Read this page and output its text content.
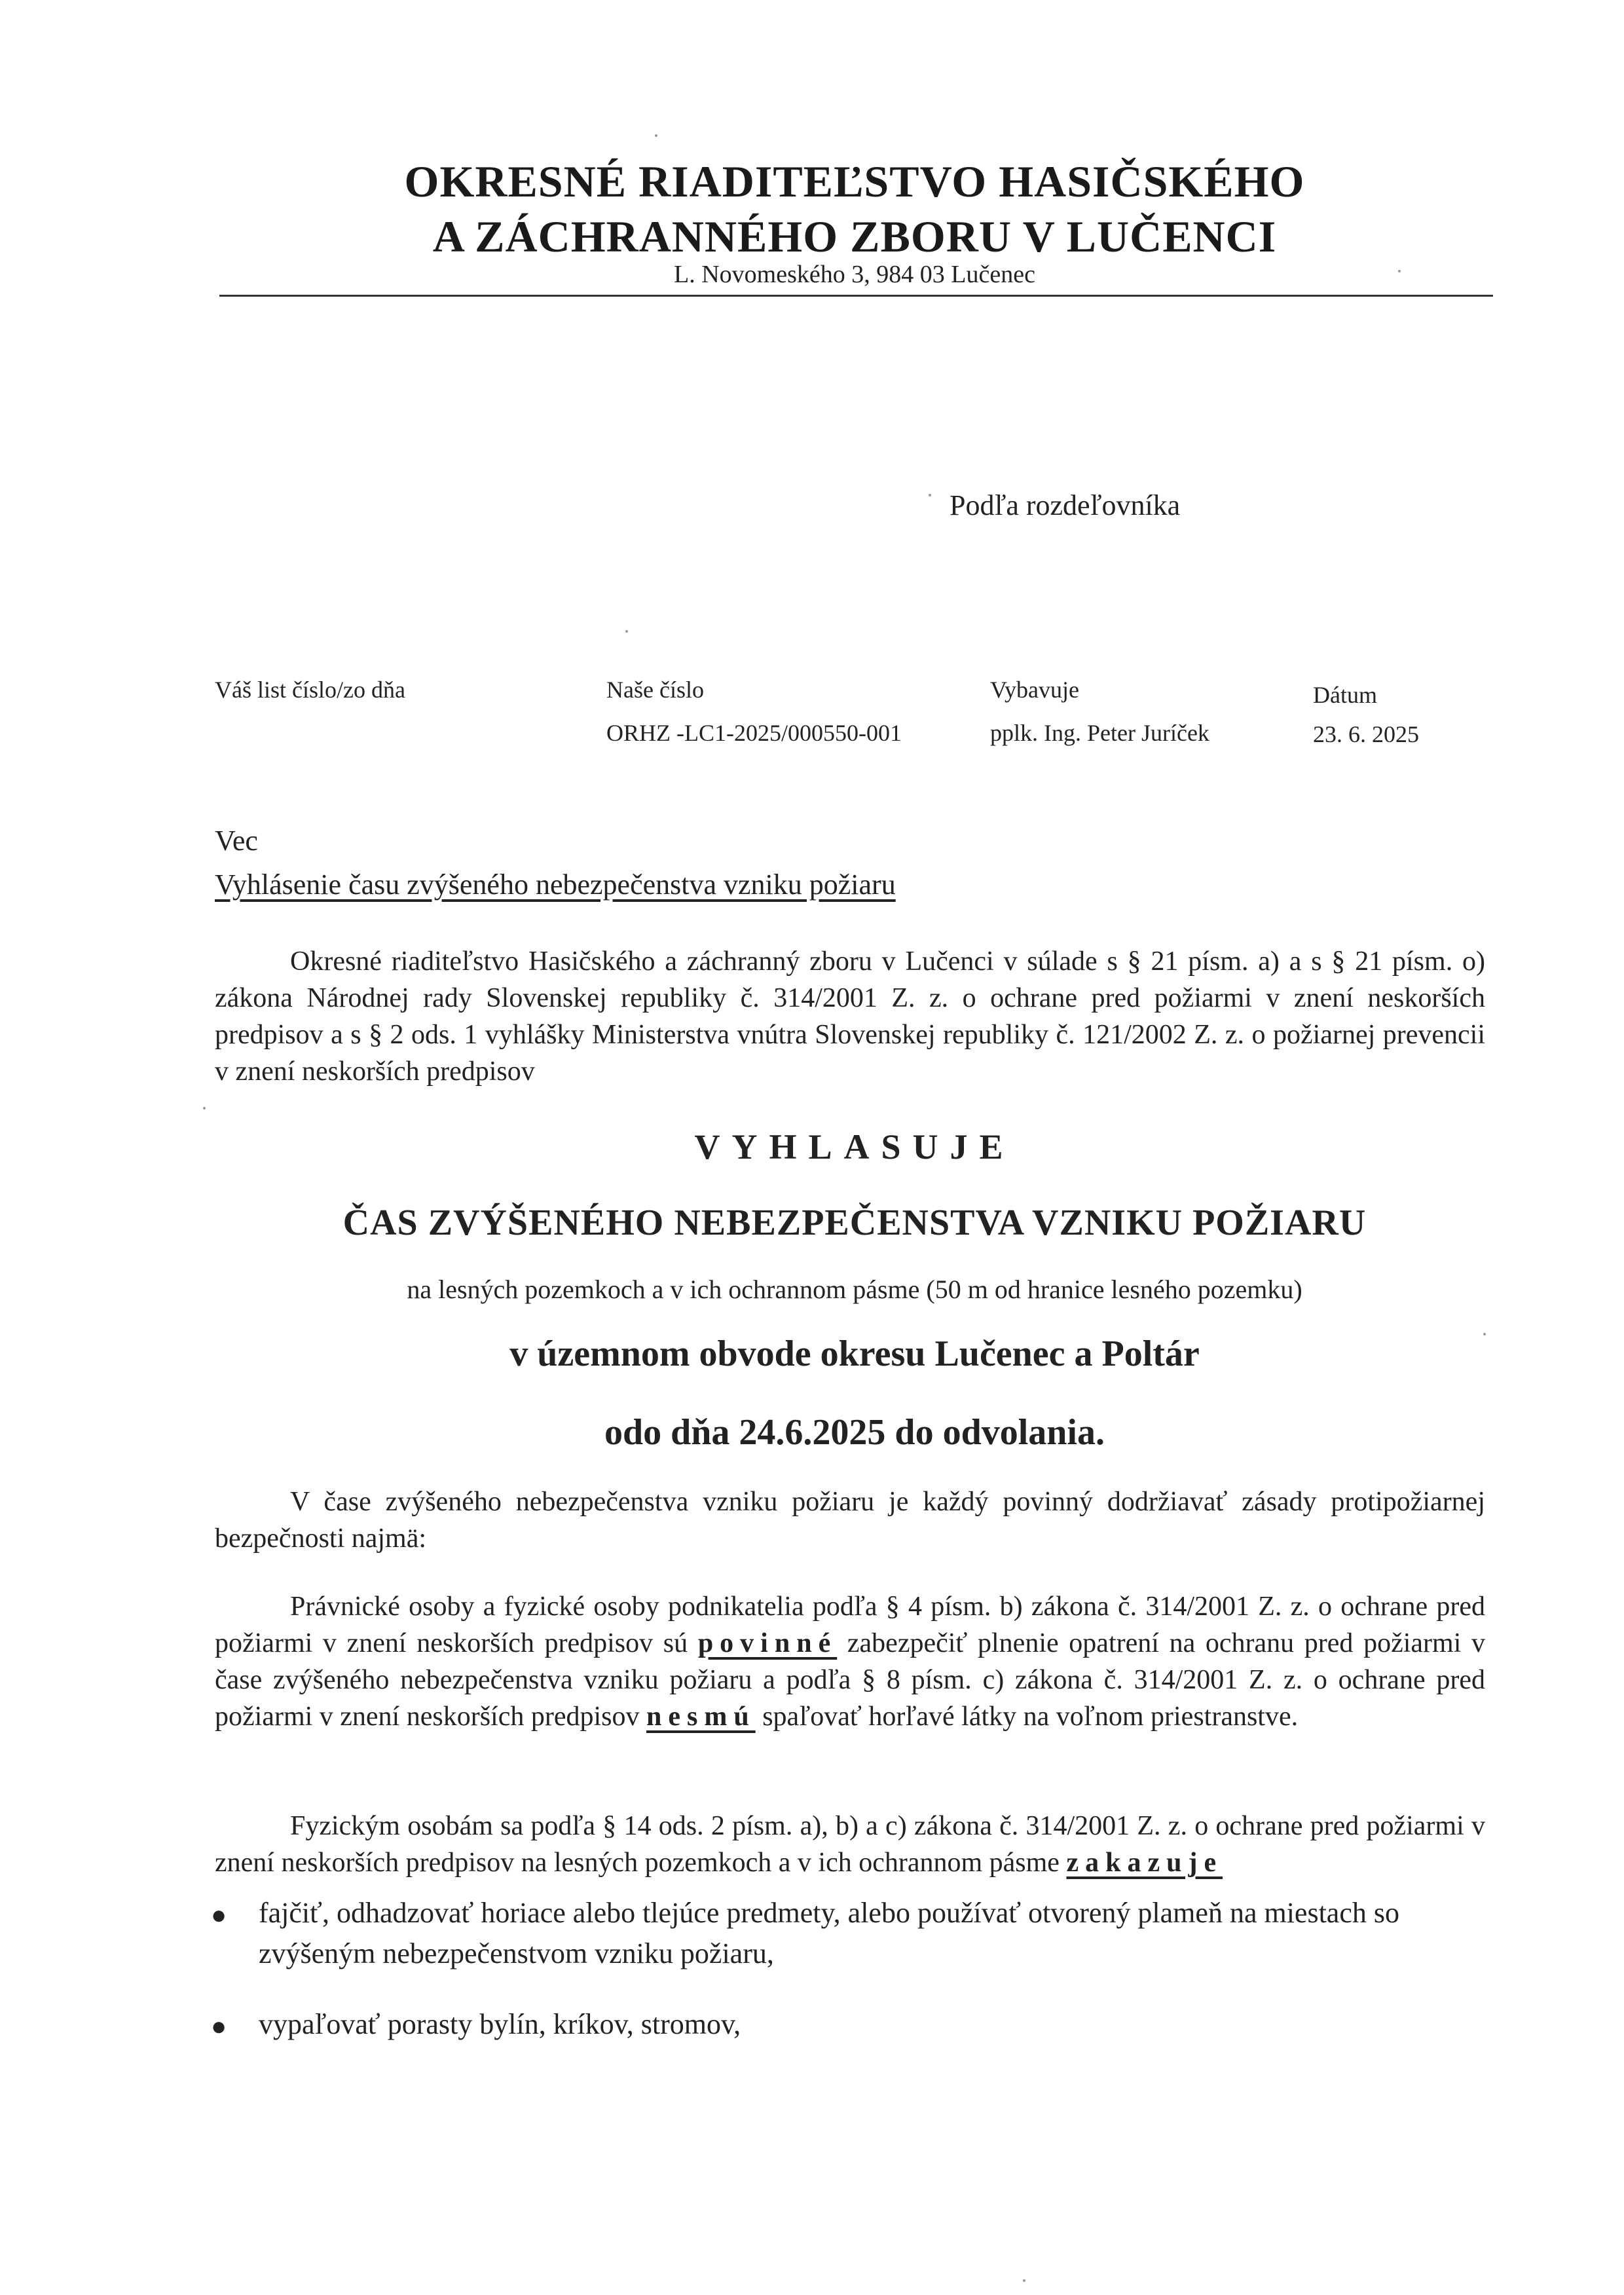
OKRESNÉ RIADITEĽSTVO HASIČSKÉHO
A ZÁCHRANNÉHO ZBORU V LUČENCI
L. Novomeského 3, 984 03 Lučenec
Podľa rozdeľovníka
Váš list číslo/zo dňa	Naše číslo
ORHZ -LC1-2025/000550-001
Vybavuje
pplk. Ing. Peter Juríček
Dátum
23. 6. 2025
Vec
Vyhlásenie času zvýšeného nebezpečenstva vzniku požiaru
Okresné riaditeľstvo Hasičského a záchranný zboru v Lučenci v súlade s § 21 písm. a) a s § 21 písm. o) zákona Národnej rady Slovenskej republiky č. 314/2001 Z. z. o ochrane pred požiarmi v znení neskorších predpisov a s § 2 ods. 1 vyhlášky Ministerstva vnútra Slovenskej republiky č. 121/2002 Z. z. o požiarnej prevencii v znení neskorších predpisov
VYHLASUJE
ČAS ZVÝŠENÉHO NEBEZPEČENSTVA VZNIKU POŽIARU
na lesných pozemkoch a v ich ochrannom pásme (50 m od hranice lesného pozemku)
v územnom obvode okresu Lučenec a Poltár
odo dňa 24.6.2025 do odvolania.
V čase zvýšeného nebezpečenstva vzniku požiaru je každý povinný dodržiavať zásady protipožiarnej bezpečnosti najmä:
Právnické osoby a fyzické osoby podnikatelia podľa § 4 písm. b) zákona č. 314/2001 Z. z. o ochrane pred požiarmi v znení neskorších predpisov sú povinné zabezpečiť plnenie opatrení na ochranu pred požiarmi v čase zvýšeného nebezpečenstva vzniku požiaru a podľa § 8 písm. c) zákona č. 314/2001 Z. z. o ochrane pred požiarmi v znení neskorších predpisov nesmú spaľovať horľavé látky na voľnom priestranstve.
Fyzickým osobám sa podľa § 14 ods. 2 písm. a), b) a c) zákona č. 314/2001 Z. z. o ochrane pred požiarmi v znení neskorších predpisov na lesných pozemkoch a v ich ochrannom pásme zakazuje
● fajčiť, odhadzovať horiace alebo tlejúce predmety, alebo používať otvorený plameň na miestach so zvýšeným nebezpečenstvom vzniku požiaru,
● vypaľovať porasty bylín, kríkov, stromov,
